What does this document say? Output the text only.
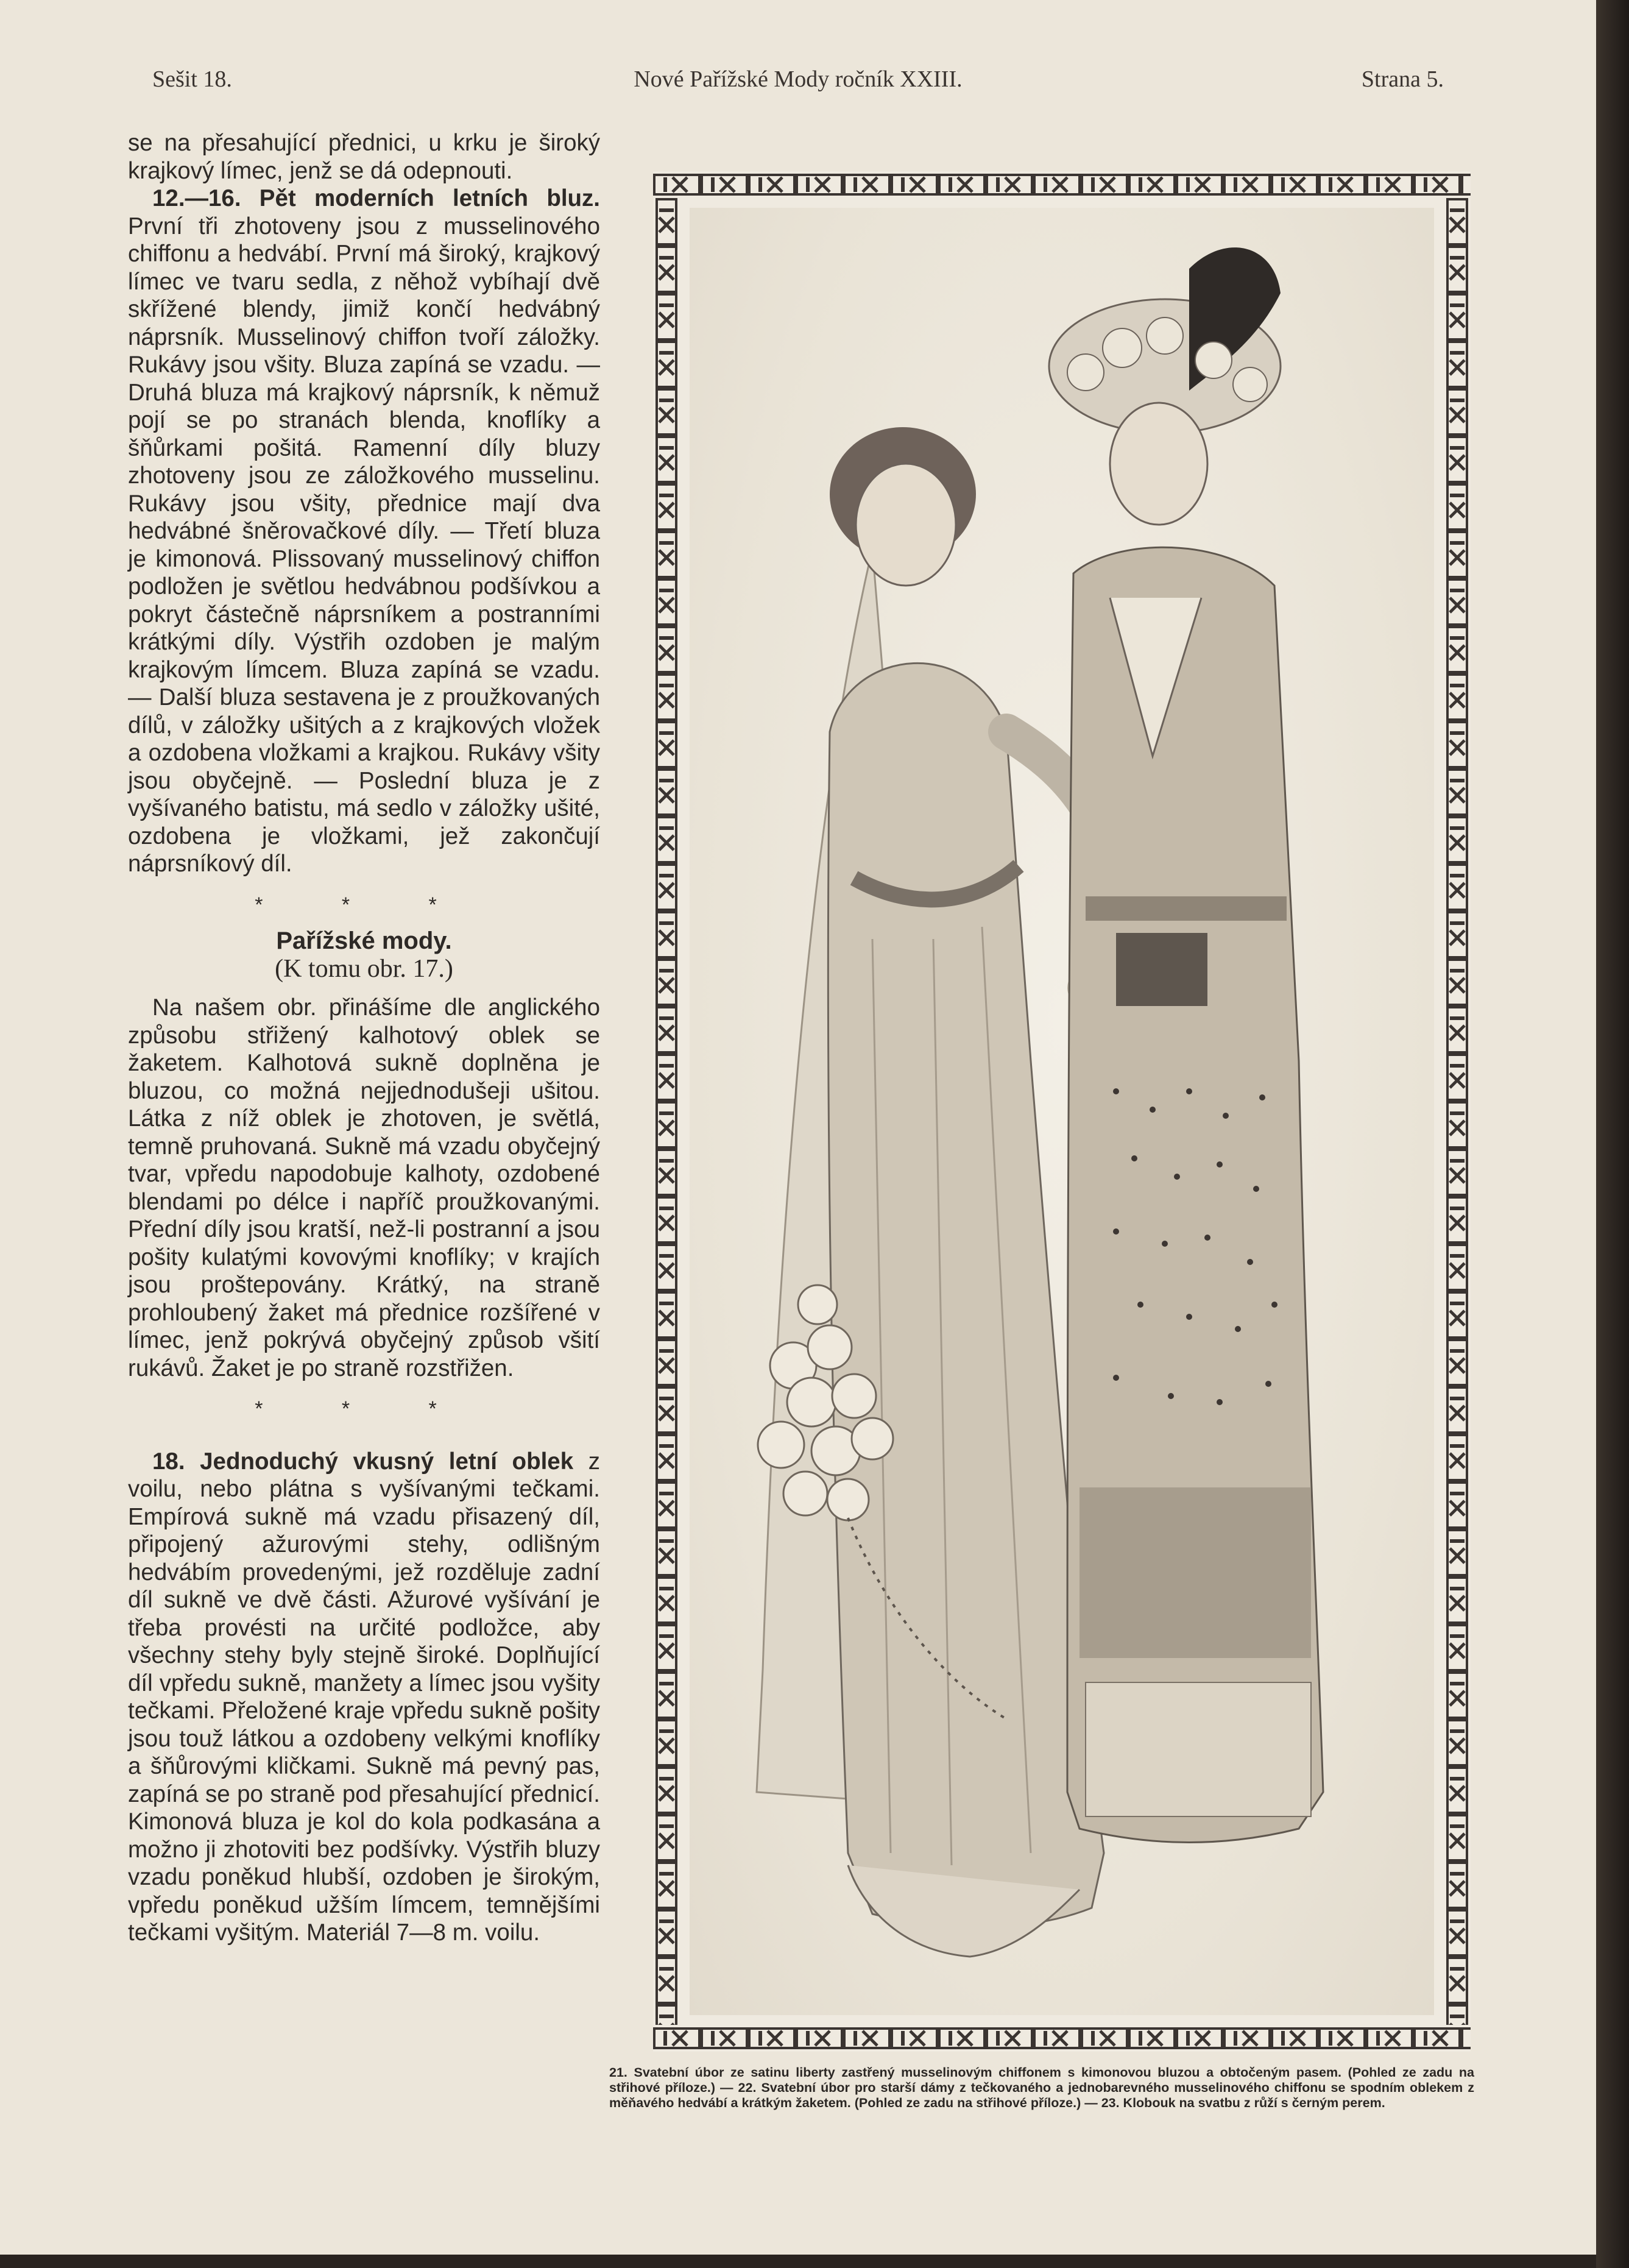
Sešit 18.	Nové Pařížské Mody ročník XXIII.	Strana 5.

se na přesahující přednici, u krku je široký krajkový límec, jenž se dá odepnouti.

12.—16. Pět moderních letních bluz. První tři zhotoveny jsou z musselinového chiffonu a hedvábí. První má široký, krajkový límec ve tvaru sedla, z něhož vybíhají dvě skřížené blendy, jimiž končí hedvábný náprsník. Musselinový chiffon tvoří záložky. Rukávy jsou všity. Bluza zapíná se vzadu. — Druhá bluza má krajkový náprsník, k němuž pojí se po stranách blenda, knoflíky a šňůrkami pošitá. Ramenní díly bluzy zhotoveny jsou ze záložkového musselinu. Rukávy jsou všity, přednice mají dva hedvábné šněrovačkové díly. — Třetí bluza je kimonová. Plissovaný musselinový chiffon podložen je světlou hedvábnou podšívkou a pokryt částečně náprsníkem a postranními krátkými díly. Výstřih ozdoben je malým krajkovým límcem. Bluza zapíná se vzadu. — Další bluza sestavena je z proužkovaných dílů, v záložky ušitých a z krajkových vložek a ozdobena vložkami a krajkou. Rukávy všity jsou obyčejně. — Poslední bluza je z vyšívaného batistu, má sedlo v záložky ušité, ozdobena je vložkami, jež zakončují náprsníkový díl.

* * *

Pařížské mody.

(K tomu obr. 17.)

Na našem obr. přinášíme dle anglického způsobu střižený kalhotový oblek se žaketem. Kalhotová sukně doplněna je bluzou, co možná nejjednodušeji ušitou. Látka z níž oblek je zhotoven, je světlá, temně pruhovaná. Sukně má vzadu obyčejný tvar, vpředu napodobuje kalhoty, ozdobené blendami po délce i napříč proužkovanými. Přední díly jsou kratší, než-li postranní a jsou pošity kulatými kovovými knoflíky; v krajích jsou proštepovány. Krátký, na straně prohloubený žaket má přednice rozšířené v límec, jenž pokrývá obyčejný způsob všití rukávů. Žaket je po straně rozstřižen.

* * *

18. Jednoduchý vkusný letní oblek z voilu, nebo plátna s vyšívanými tečkami. Empírová sukně má vzadu přisazený díl, připojený ažurovými stehy, odlišným hedvábím provedenými, jež rozděluje zadní díl sukně ve dvě části. Ažurové vyšívání je třeba provésti na určité podložce, aby všechny stehy byly stejně široké. Doplňující díl vpředu sukně, manžety a límec jsou vyšity tečkami. Přeložené kraje vpředu sukně pošity jsou touž látkou a ozdobeny velkými knoflíky a šňůrovými kličkami. Sukně má pevný pas, zapíná se po straně pod přesahující přednicí. Kimonová bluza je kol do kola podkasána a možno ji zhotoviti bez podšívky. Výstřih bluzy vzadu poněkud hlubší, ozdoben je širokým, vpředu poněkud užším límcem, temnějšími tečkami vyšitým. Materiál 7—8 m. voilu.

21. Svatební úbor ze satinu liberty zastřený musselinovým chiffonem s kimonovou bluzou a obtočeným pasem. (Pohled ze zadu na střihové příloze.) — 22. Svatební úbor pro starší dámy z tečkovaného a jednobarevného musselinového chiffonu se spodním oblekem z měňavého hedvábí a krátkým žaketem. (Pohled ze zadu na střihové příloze.) — 23. Klobouk na svatbu z růží s černým perem.
